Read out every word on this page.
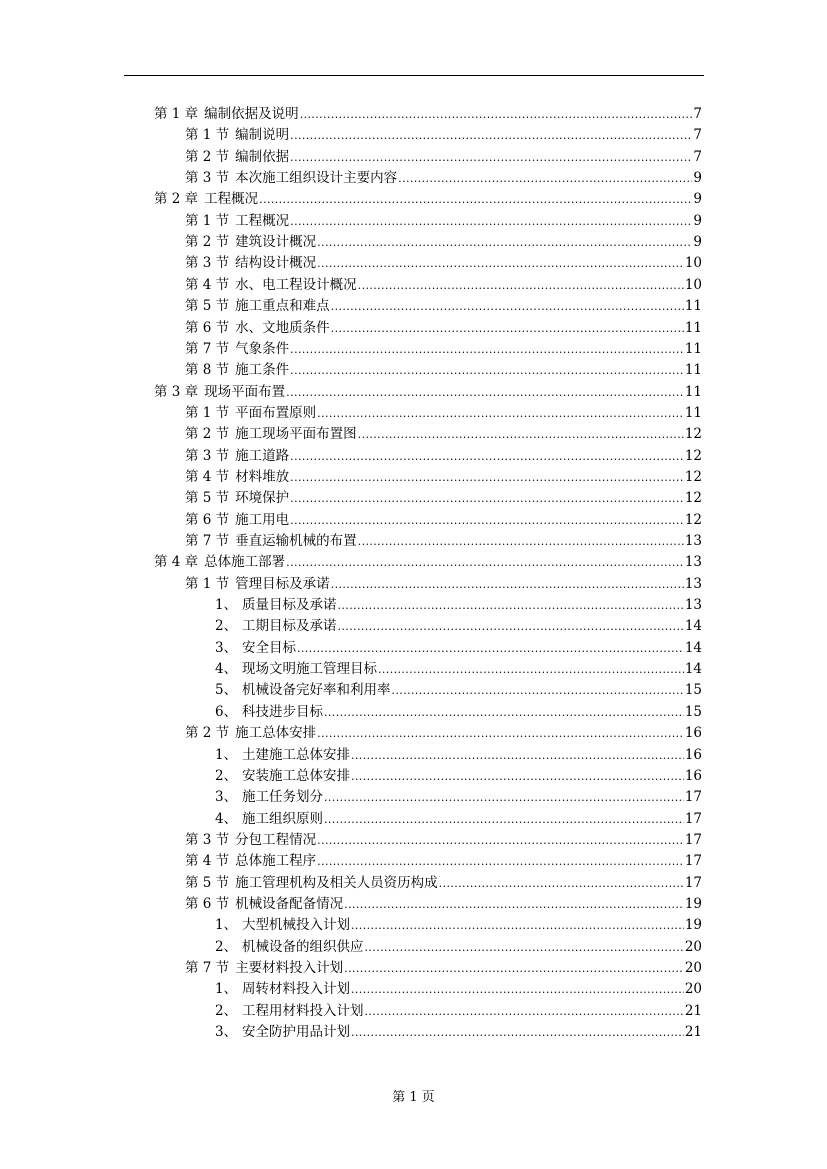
第 1 章 编制依据及说明 .....	7
第 1 节 编制说明 .....	7
第 2 节 编制依据 .....	7
第 3 节 本次施工组织设计主要内容 .....	9
第 2 章 工程概况 .....	9
第 1 节 工程概况 .....	9
第 2 节 建筑设计概况 .....	9
第 3 节 结构设计概况 .....	10
第 4 节 水、电工程设计概况 .....	10
第 5 节 施工重点和难点 .....	11
第 6 节 水、文地质条件 .....	11
第 7 节 气象条件 .....	11
第 8 节 施工条件 .....	11
第 3 章 现场平面布置 .....	11
第 1 节 平面布置原则 .....	11
第 2 节 施工现场平面布置图 .....	12
第 3 节 施工道路 .....	12
第 4 节 材料堆放 .....	12
第 5 节 环境保护 .....	12
第 6 节 施工用电 .....	12
第 7 节 垂直运输机械的布置 .....	13
第 4 章 总体施工部署 .....	13
第 1 节 管理目标及承诺 .....	13
1、 质量目标及承诺 .....	13
2、 工期目标及承诺 .....	14
3、 安全目标 .....	14
4、 现场文明施工管理目标 .....	14
5、 机械设备完好率和利用率 .....	15
6、 科技进步目标 .....	15
第 2 节 施工总体安排 .....	16
1、 土建施工总体安排 .....	16
2、 安装施工总体安排 .....	16
3、 施工任务划分 .....	17
4、 施工组织原则 .....	17
第 3 节 分包工程情况 .....	17
第 4 节 总体施工程序 .....	17
第 5 节 施工管理机构及相关人员资历构成 .....	17
第 6 节 机械设备配备情况 .....	19
1、 大型机械投入计划 .....	19
2、 机械设备的组织供应 .....	20
第 7 节 主要材料投入计划 .....	20
1、 周转材料投入计划 .....	20
2、 工程用材料投入计划 .....	21
3、 安全防护用品计划 .....	21
第 1 页
